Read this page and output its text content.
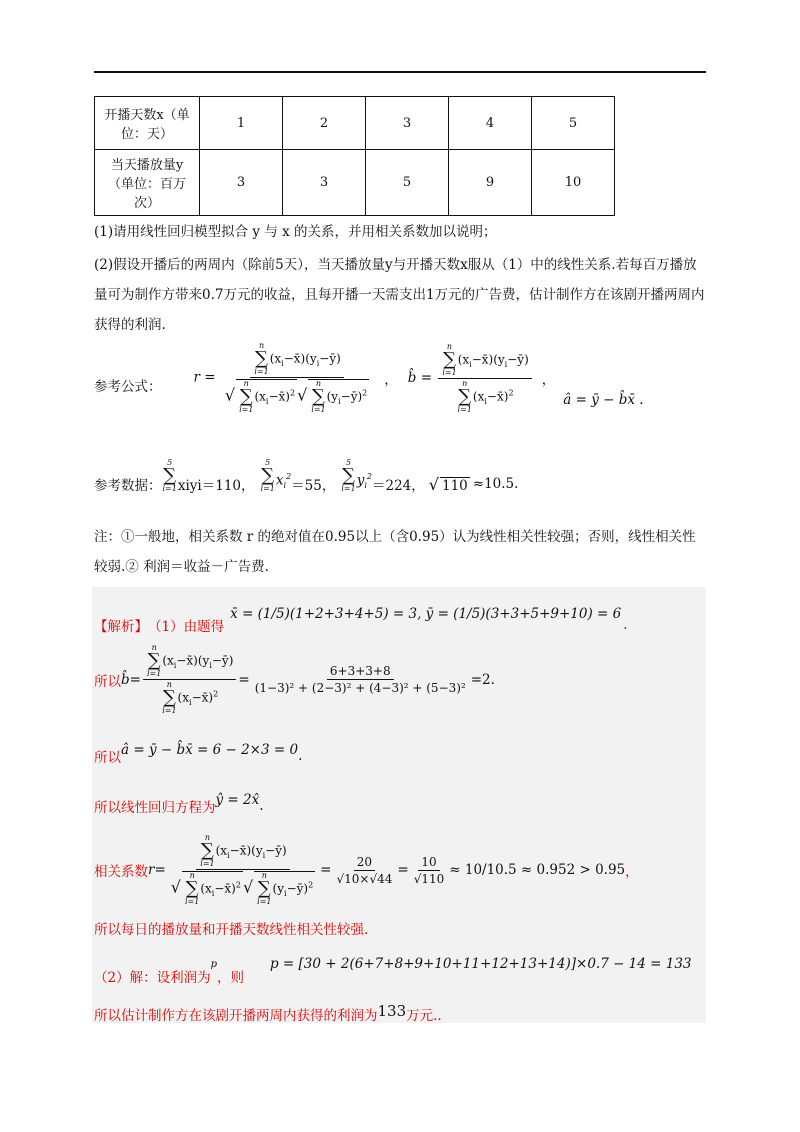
开播天数x（单位：天）	1	2	3	4	5
当天播放量y（单位：百万次）	3	3	5	9	10
(1)请用线性回归模型拟合 y 与 x 的关系，并用相关系数加以说明；
(2)假设开播后的两周内（除前5天），当天播放量y与开播天数x服从（1）中的线性关系.若每百万播放量可为制作方带来0.7万元的收益，且每开播一天需支出1万元的广告费，估计制作方在该剧开播两周内获得的利润.
参考公式：
r = n
∑
i=1
$(x_i-x̄)(y_i-ȳ)$
√
n
∑
i=1
$(x_i-x̄)^2$ √
n
∑
i=1
$(y_i-ȳ)^2$ ， b̂ = n
∑
i=1
$(x_i-x̄)(y_i-ȳ)$
n
∑
i=1
$(x_i-x̄)^2$ ，
â = ȳ − b̂x̄ .
参考数据：
5
∑
i=1 xiyi＝110，
5
∑
i=1
$x_i^2$
＝55，
5
∑
i=1
$y_i^2$
＝224， √ 110 ≈10.5.
注：①一般地，相关系数 r 的绝对值在0.95以上（含0.95）认为线性相关性较强；否则，线性相关性较弱.② 利润＝收益－广告费.
【解析】 （1）由题得
x̄ = (1/5)(1+2+3+4+5) = 3, ȳ = (1/5)(3+3+5+9+10) = 6
.
所以 b̂ = n
∑
i=1
$(x_i-x̄)(y_i-ȳ)$
n
∑
i=1
$(x_i-x̄)^2 = \frac{6+3+3+8}{\text{(1−3)² + (2−3)² + (4−3)² + (5−3)²}} =2$ .
所以 â = ȳ − b̂x̄ = 6 − 2×3 = 0 .
所以线性回归方程为 ŷ = 2x̂ .
相关系数 r = n
∑
i=1
$(x_i-x̄)(y_i-ȳ)$
√
n
∑
i=1
$(x_i-x̄)^2$ √
n
∑
i=1
$(y_i-ȳ)^2 = \frac{20}{√10\times√44} = \frac{10}{√110} \approx 10/10.5 \approx 0.952 > 0.95$ ，
所以每日的播放量和开播天数线性相关性较强.
（2）解：设利润为
p
，则
p = [30 + 2(6+7+8+9+10+11+12+13+14)]×0.7 − 14 = 133
所以估计制作方在该剧开播两周内获得的利润为 133 万元..
